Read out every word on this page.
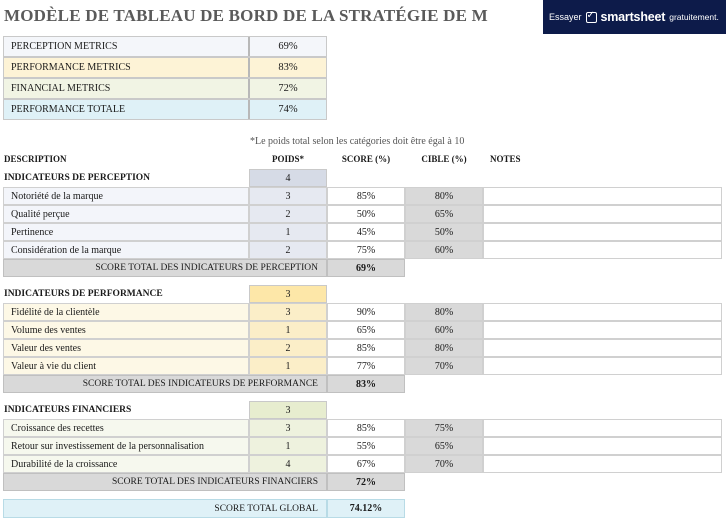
MODÈLE DE TABLEAU DE BORD DE LA STRATÉGIE DE M	Essayer ✓ smartsheet gratuitement.
PERCEPTION METRICS	69%
PERFORMANCE METRICS	83%
FINANCIAL METRICS	72%
PERFORMANCE TOTALE	74%
*Le poids total selon les catégories doit être égal à 10
DESCRIPTION	POIDS*	SCORE (%)	CIBLE (%)	NOTES
INDICATEURS DE PERCEPTION	4
Notoriété de la marque	3	85%	80%
Qualité perçue	2	50%	65%
Pertinence	1	45%	50%
Considération de la marque	2	75%	60%
SCORE TOTAL DES INDICATEURS DE PERCEPTION	69%
INDICATEURS DE PERFORMANCE	3
Fidélité de la clientèle	3	90%	80%
Volume des ventes	1	65%	60%
Valeur des ventes	2	85%	80%
Valeur à vie du client	1	77%	70%
SCORE TOTAL DES INDICATEURS DE PERFORMANCE	83%
INDICATEURS FINANCIERS	3
Croissance des recettes	3	85%	75%
Retour sur investissement de la personnalisation	1	55%	65%
Durabilité de la croissance	4	67%	70%
SCORE TOTAL DES INDICATEURS FINANCIERS	72%
SCORE TOTAL GLOBAL	74.12%
